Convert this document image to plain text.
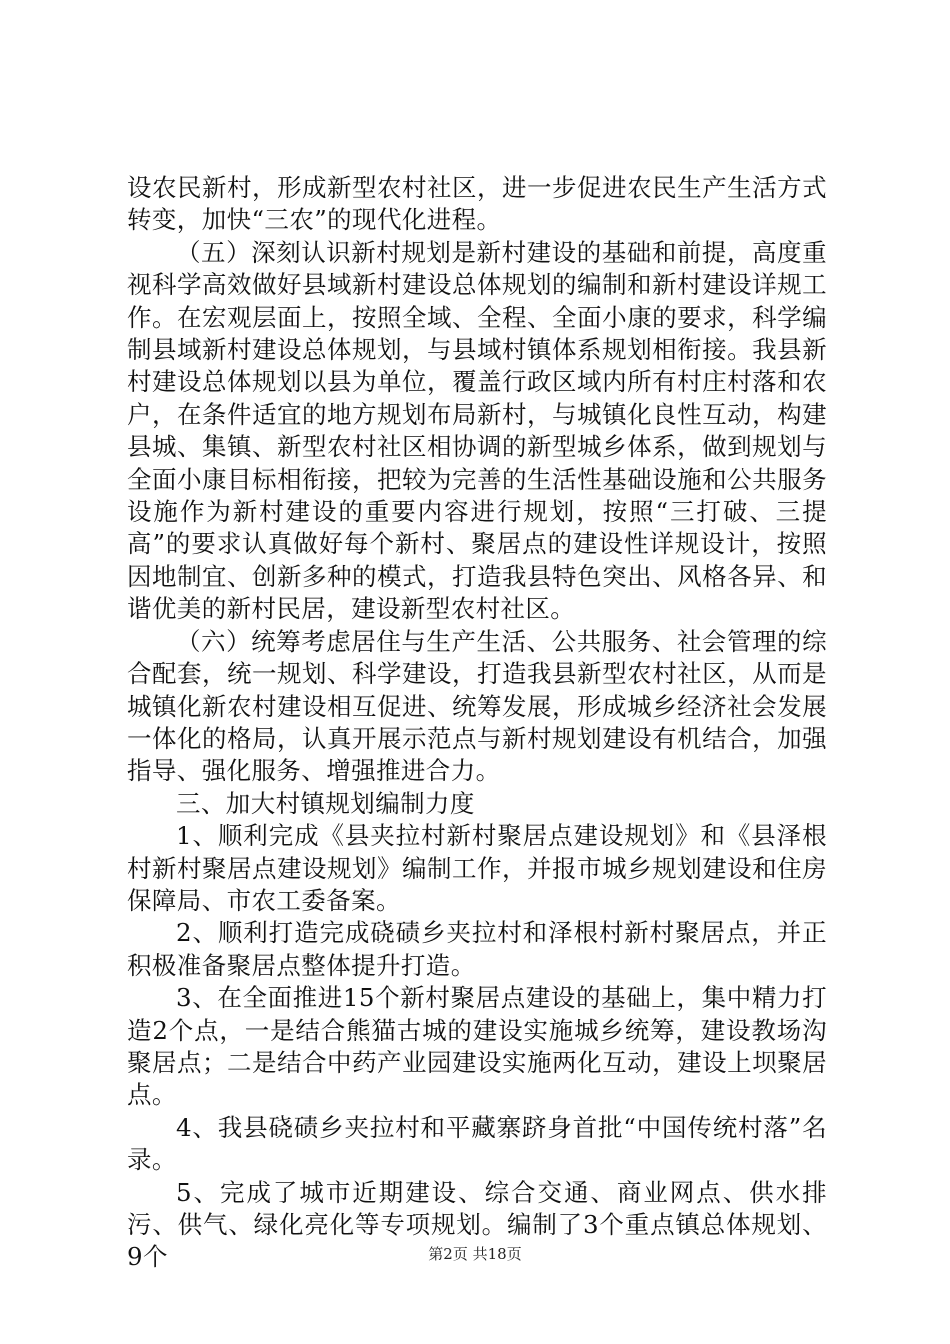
设农民新村，形成新型农村社区，进一步促进农民生产生活方式转变，加快“三农”的现代化进程。

（五）深刻认识新村规划是新村建设的基础和前提，高度重视科学高效做好县域新村建设总体规划的编制和新村建设详规工作。在宏观层面上，按照全域、全程、全面小康的要求，科学编制县域新村建设总体规划，与县域村镇体系规划相衔接。我县新村建设总体规划以县为单位，覆盖行政区域内所有村庄村落和农户，在条件适宜的地方规划布局新村，与城镇化良性互动，构建县城、集镇、新型农村社区相协调的新型城乡体系，做到规划与全面小康目标相衔接，把较为完善的生活性基础设施和公共服务设施作为新村建设的重要内容进行规划，按照“三打破、三提高”的要求认真做好每个新村、聚居点的建设性详规设计，按照因地制宜、创新多种的模式，打造我县特色突出、风格各异、和谐优美的新村民居，建设新型农村社区。

（六）统筹考虑居住与生产生活、公共服务、社会管理的综合配套，统一规划、科学建设，打造我县新型农村社区，从而是城镇化新农村建设相互促进、统筹发展，形成城乡经济社会发展一体化的格局，认真开展示范点与新村规划建设有机结合，加强指导、强化服务、增强推进合力。

三、加大村镇规划编制力度

1、顺利完成《县夹拉村新村聚居点建设规划》和《县泽根村新村聚居点建设规划》编制工作，并报市城乡规划建设和住房保障局、市农工委备案。

2、顺利打造完成硗碛乡夹拉村和泽根村新村聚居点，并正积极准备聚居点整体提升打造。

3、在全面推进15个新村聚居点建设的基础上，集中精力打造2个点，一是结合熊猫古城的建设实施城乡统筹，建设教场沟聚居点；二是结合中药产业园建设实施两化互动，建设上坝聚居点。

4、我县硗碛乡夹拉村和平藏寨跻身首批“中国传统村落”名录。

5、完成了城市近期建设、综合交通、商业网点、供水排污、供气、绿化亮化等专项规划。编制了3个重点镇总体规划、9个	第2页 共18页
